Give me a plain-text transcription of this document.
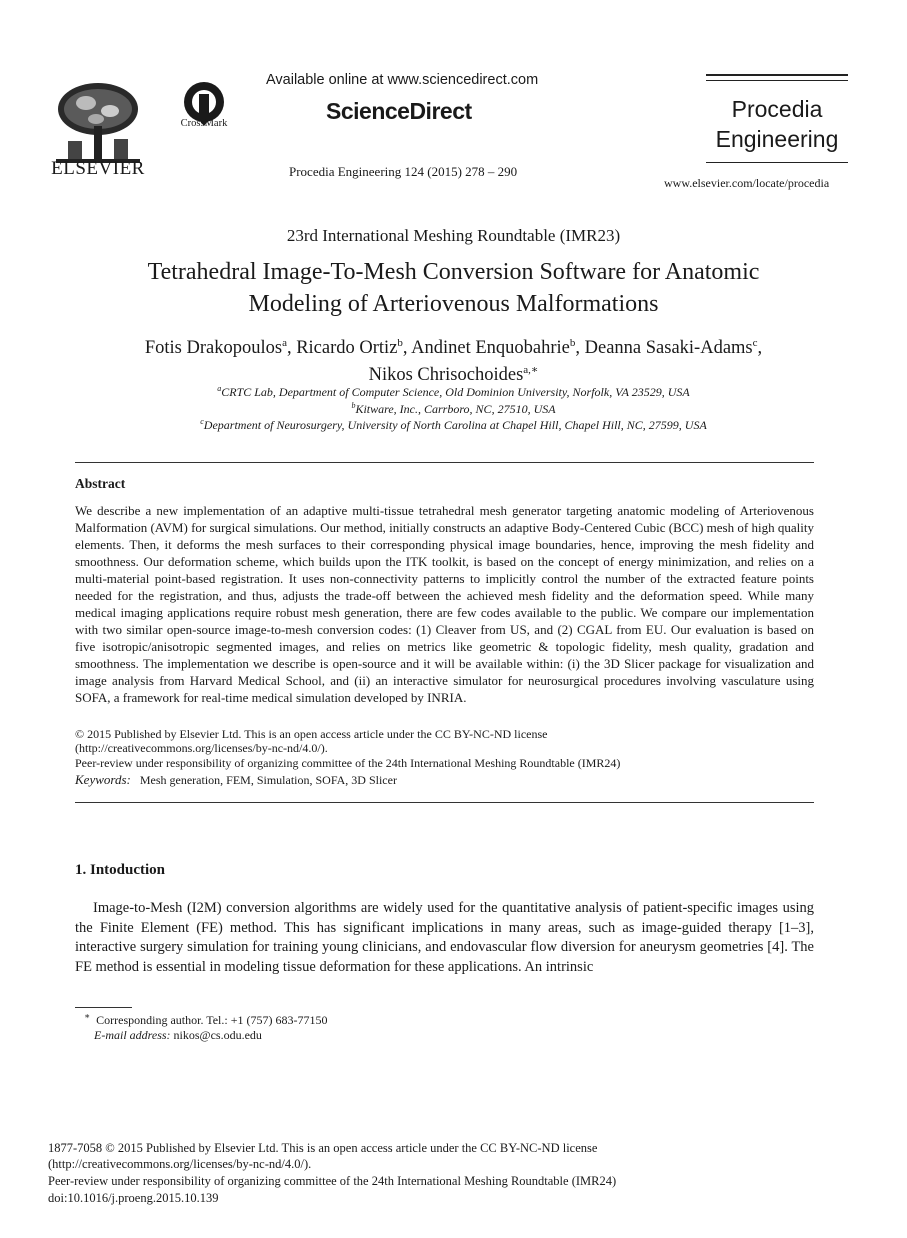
ELSEVIER
CrossMark
Available online at www.sciencedirect.com
ScienceDirect
Procedia Engineering 124 (2015) 278 – 290
Procedia
Engineering
www.elsevier.com/locate/procedia
23rd International Meshing Roundtable (IMR23)
Tetrahedral Image-To-Mesh Conversion Software for Anatomic
Modeling of Arteriovenous Malformations
Fotis Drakopoulos$^a$, Ricardo Ortiz$^b$, Andinet Enquobahrie$^b$, Deanna Sasaki-Adams$^c$,
Nikos Chrisochoides$^{a,∗}$
$^a$CRTC Lab, Department of Computer Science, Old Dominion University, Norfolk, VA 23529, USA
$^b$Kitware, Inc., Carrboro, NC, 27510, USA
$^c$Department of Neurosurgery, University of North Carolina at Chapel Hill, Chapel Hill, NC, 27599, USA
Abstract
We describe a new implementation of an adaptive multi-tissue tetrahedral mesh generator targeting anatomic modeling of Arteriovenous Malformation (AVM) for surgical simulations. Our method, initially constructs an adaptive Body-Centered Cubic (BCC) mesh of high quality elements. Then, it deforms the mesh surfaces to their corresponding physical image boundaries, hence, improving the mesh fidelity and smoothness. Our deformation scheme, which builds upon the ITK toolkit, is based on the concept of energy minimization, and relies on a multi-material point-based registration. It uses non-connectivity patterns to implicitly control the number of the extracted feature points needed for the registration, and thus, adjusts the trade-off between the achieved mesh fidelity and the deformation speed. While many medical imaging applications require robust mesh generation, there are few codes available to the public. We compare our implementation with two similar open-source image-to-mesh conversion codes: (1) Cleaver from US, and (2) CGAL from EU. Our evaluation is based on five isotropic/anisotropic segmented images, and relies on metrics like geometric & topologic fidelity, mesh quality, gradation and smoothness. The implementation we describe is open-source and it will be available within: (i) the 3D Slicer package for visualization and image analysis from Harvard Medical School, and (ii) an interactive simulator for neurosurgical procedures involving vasculature using SOFA, a framework for real-time medical simulation developed by INRIA.
© 2015 Published by Elsevier Ltd. This is an open access article under the CC BY-NC-ND license
(http://creativecommons.org/licenses/by-nc-nd/4.0/).
Peer-review under responsibility of organizing committee of the 24th International Meshing Roundtable (IMR24)
Keywords: Mesh generation, FEM, Simulation, SOFA, 3D Slicer
1. Intoduction
Image-to-Mesh (I2M) conversion algorithms are widely used for the quantitative analysis of patient-specific images using the Finite Element (FE) method. This has significant implications in many areas, such as image-guided therapy [1–3], interactive surgery simulation for training young clinicians, and endovascular flow diversion for aneurysm geometries [4]. The FE method is essential in modeling tissue deformation for these applications. An intrinsic
∗ Corresponding author. Tel.: +1 (757) 683-77150
E-mail address: nikos@cs.odu.edu
1877-7058 © 2015 Published by Elsevier Ltd. This is an open access article under the CC BY-NC-ND license
(http://creativecommons.org/licenses/by-nc-nd/4.0/).
Peer-review under responsibility of organizing committee of the 24th International Meshing Roundtable (IMR24)
doi:10.1016/j.proeng.2015.10.139
